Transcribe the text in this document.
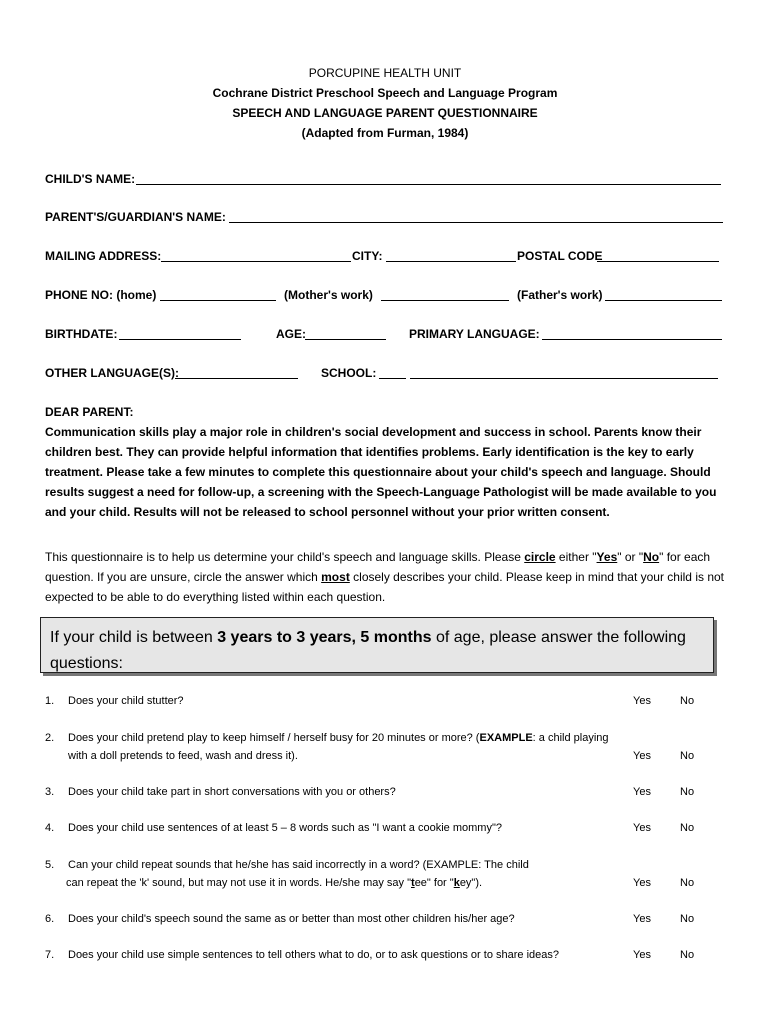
PORCUPINE HEALTH UNIT
Cochrane District Preschool Speech and Language Program
SPEECH AND LANGUAGE PARENT QUESTIONNAIRE
(Adapted from Furman, 1984)
CHILD'S NAME:
PARENT'S/GUARDIAN'S NAME:
MAILING ADDRESS:	CITY:	POSTAL CODE
PHONE NO: (home)	(Mother's work)	(Father's work)
BIRTHDATE:	AGE:	PRIMARY LANGUAGE:
OTHER LANGUAGE(S):	SCHOOL:
DEAR PARENT:
Communication skills play a major role in children's social development and success in school. Parents know their children best. They can provide helpful information that identifies problems. Early identification is the key to early treatment. Please take a few minutes to complete this questionnaire about your child's speech and language. Should results suggest a need for follow-up, a screening with the Speech-Language Pathologist will be made available to you and your child. Results will not be released to school personnel without your prior written consent.
This questionnaire is to help us determine your child's speech and language skills. Please circle either "Yes" or "No" for each question. If you are unsure, circle the answer which most closely describes your child. Please keep in mind that your child is not expected to be able to do everything listed within each question.
If your child is between 3 years to 3 years, 5 months of age, please answer the following questions:
1. Does your child stutter?	Yes	No
2. Does your child pretend play to keep himself / herself busy for 20 minutes or more? (EXAMPLE: a child playing with a doll pretends to feed, wash and dress it).	Yes	No
3. Does your child take part in short conversations with you or others?	Yes	No
4. Does your child use sentences of at least 5 – 8 words such as "I want a cookie mommy"?	Yes	No
5. Can your child repeat sounds that he/she has said incorrectly in a word? (EXAMPLE: The child
can repeat the 'k' sound, but may not use it in words. He/she may say "tee" for "key").	Yes	No
6. Does your child's speech sound the same as or better than most other children his/her age?	Yes	No
7. Does your child use simple sentences to tell others what to do, or to ask questions or to share ideas?	Yes	No
